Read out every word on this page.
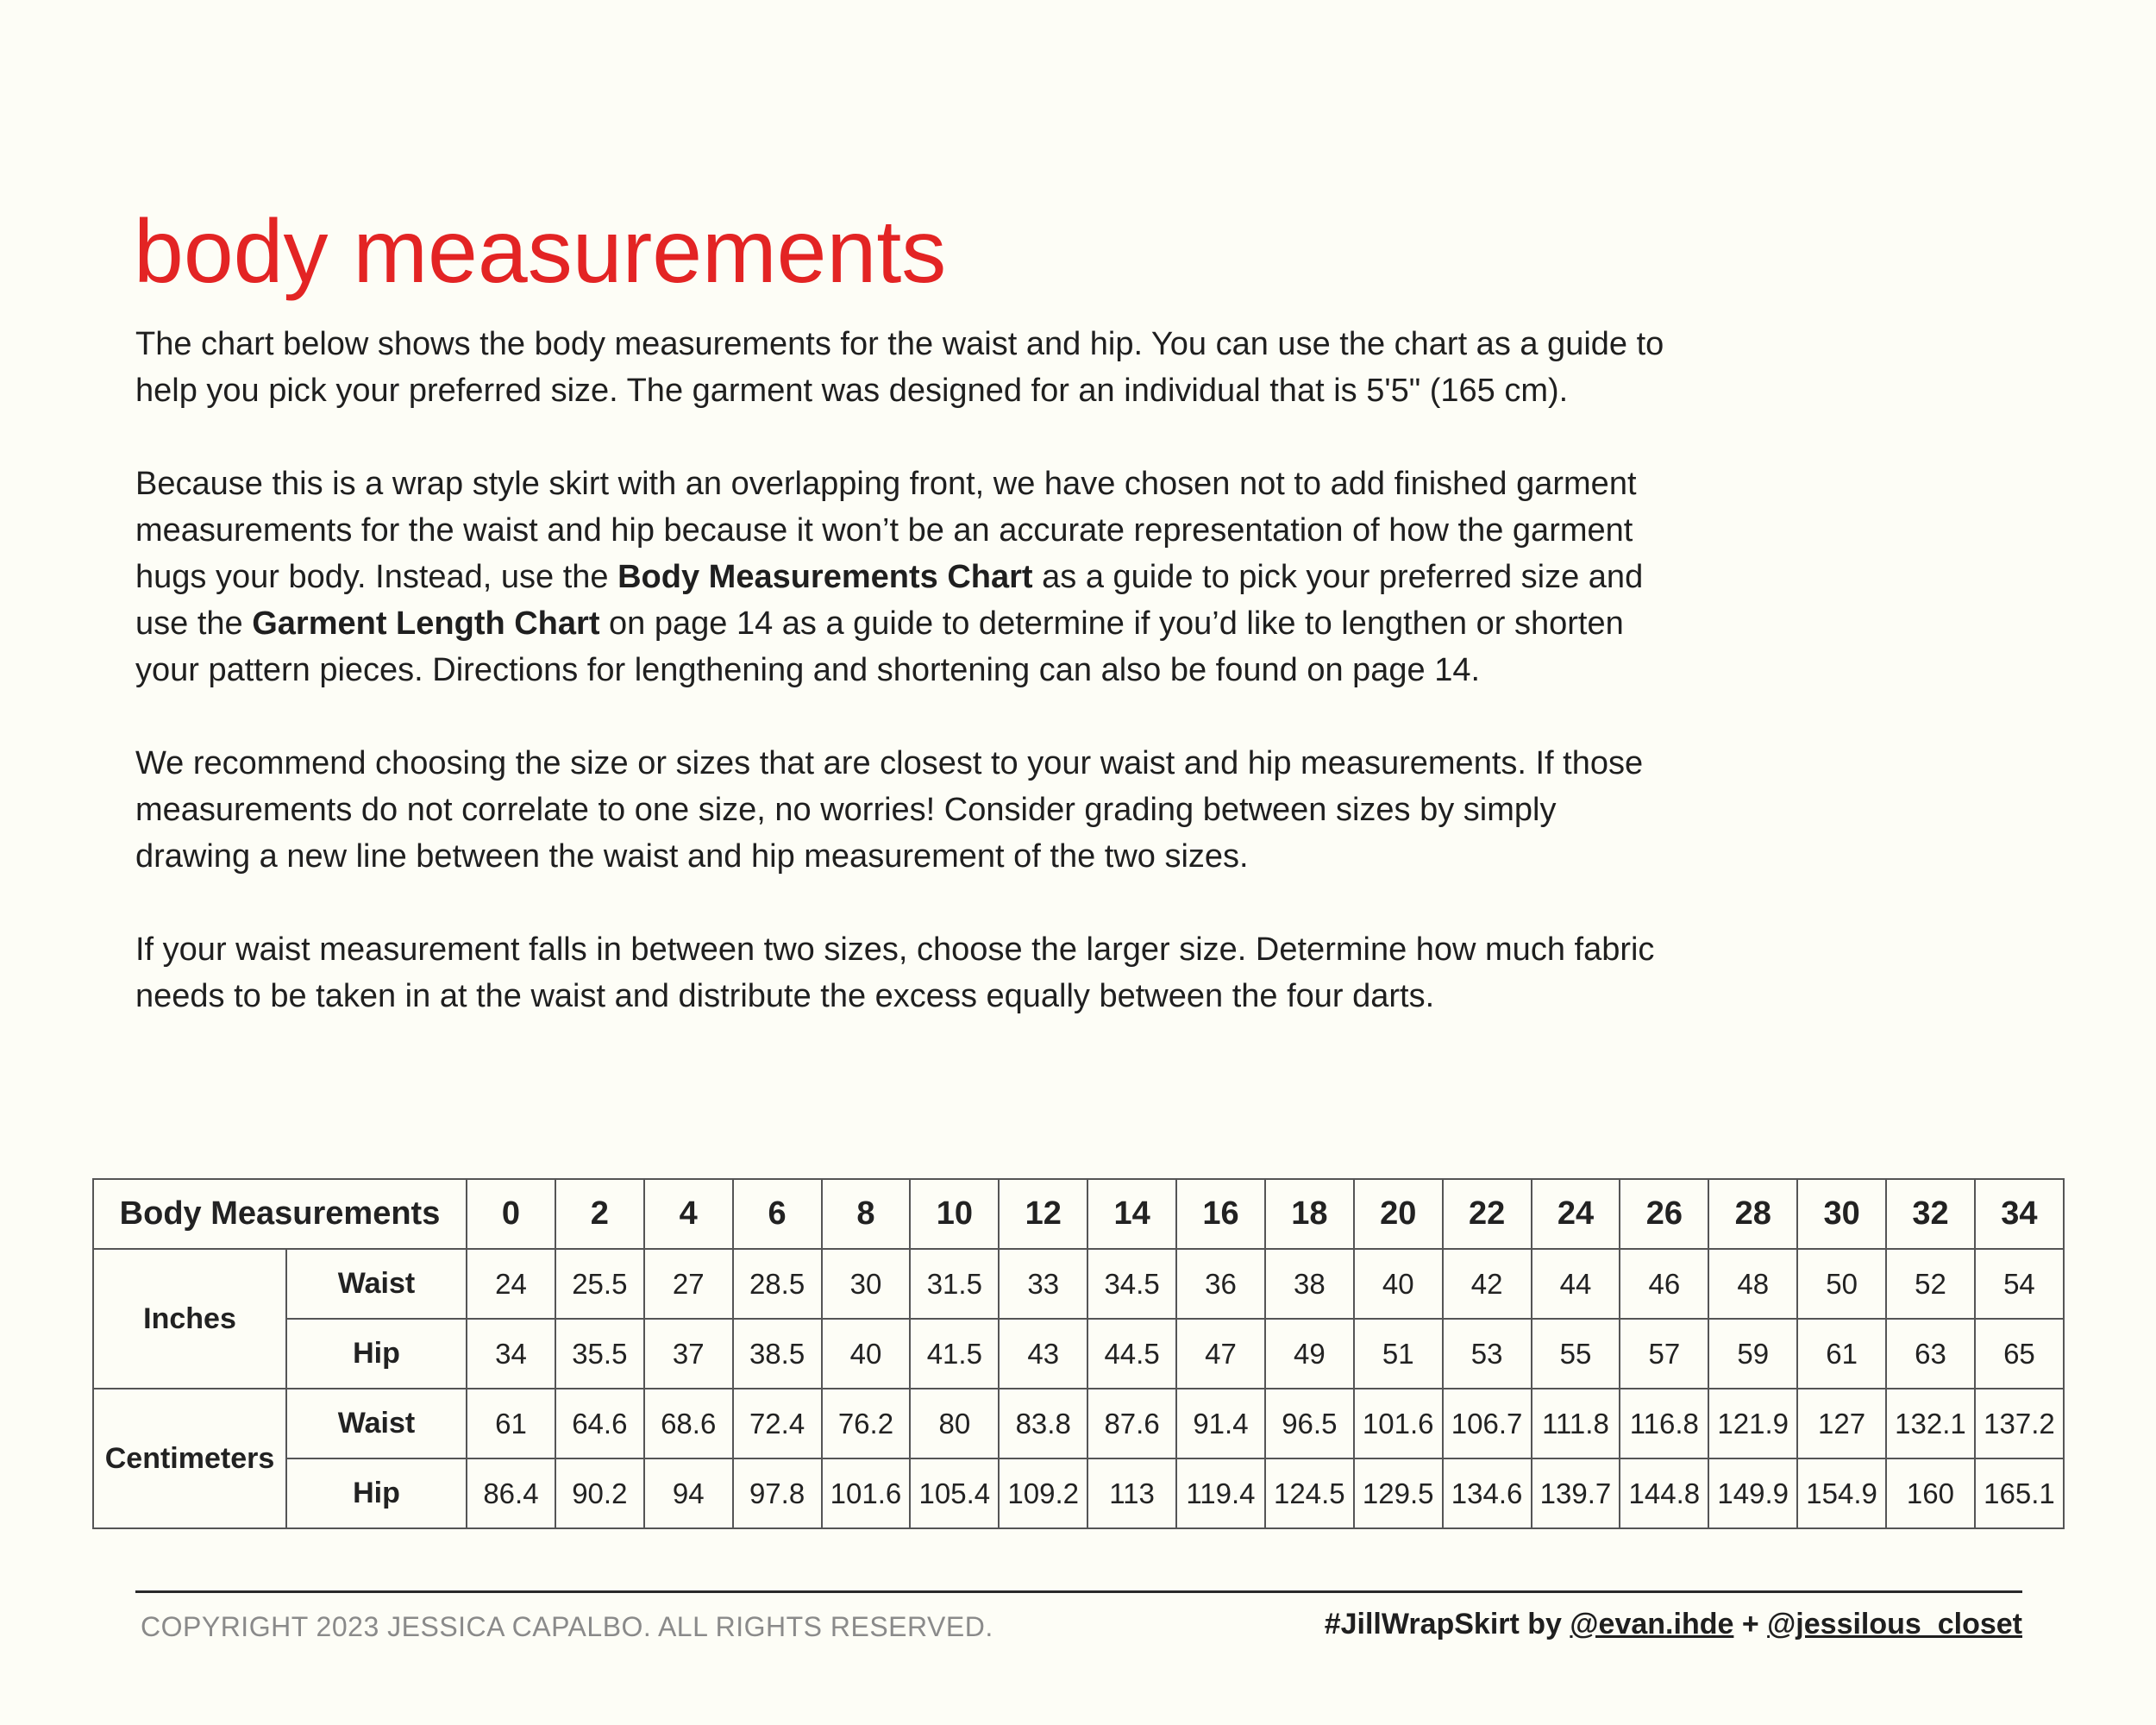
body measurements

The chart below shows the body measurements for the waist and hip. You can use the chart as a guide to help you pick your preferred size. The garment was designed for an individual that is 5'5" (165 cm).

Because this is a wrap style skirt with an overlapping front, we have chosen not to add finished garment measurements for the waist and hip because it won’t be an accurate representation of how the garment hugs your body. Instead, use the Body Measurements Chart as a guide to pick your preferred size and use the Garment Length Chart on page 14 as a guide to determine if you’d like to lengthen or shorten your pattern pieces. Directions for lengthening and shortening can also be found on page 14.

We recommend choosing the size or sizes that are closest to your waist and hip measurements. If those measurements do not correlate to one size, no worries! Consider grading between sizes by simply drawing a new line between the waist and hip measurement of the two sizes.

If your waist measurement falls in between two sizes, choose the larger size. Determine how much fabric needs to be taken in at the waist and distribute the excess equally between the four darts.

Body Measurements		0	2	4	6	8	10	12	14	16	18	20	22	24	26	28	30	32	34
Inches	Waist	24	25.5	27	28.5	30	31.5	33	34.5	36	38	40	42	44	46	48	50	52	54
	Hip	34	35.5	37	38.5	40	41.5	43	44.5	47	49	51	53	55	57	59	61	63	65
Centimeters	Waist	61	64.6	68.6	72.4	76.2	80	83.8	87.6	91.4	96.5	101.6	106.7	111.8	116.8	121.9	127	132.1	137.2
	Hip	86.4	90.2	94	97.8	101.6	105.4	109.2	113	119.4	124.5	129.5	134.6	139.7	144.8	149.9	154.9	160	165.1
COPYRIGHT 2023 JESSICA CAPALBO. ALL RIGHTS RESERVED.	#JillWrapSkirt by @evan.ihde + @jessilous_closet
